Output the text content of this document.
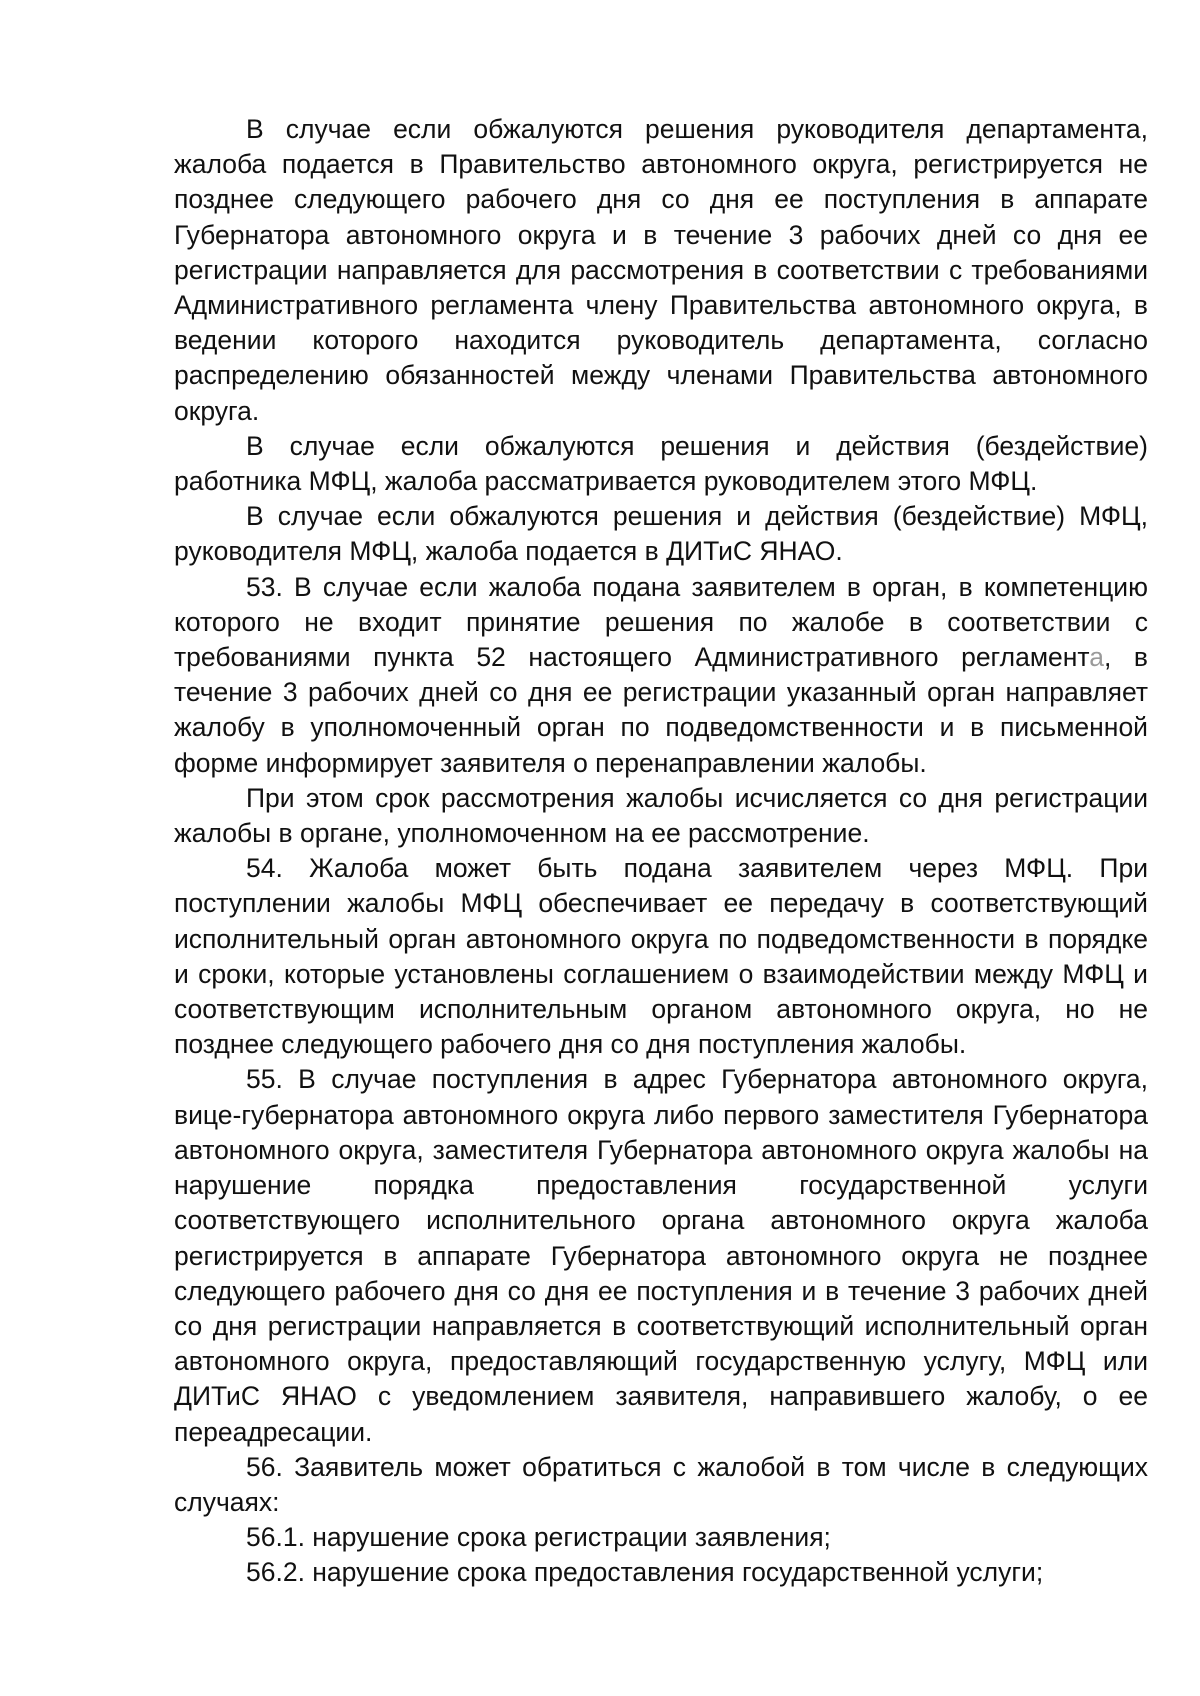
В случае если обжалуются решения руководителя департамента, жалоба подается в Правительство автономного округа, регистрируется не позднее следующего рабочего дня со дня ее поступления в аппарате Губернатора автономного округа и в течение 3 рабочих дней со дня ее регистрации направляется для рассмотрения в соответствии с требованиями Административного регламента члену Правительства автономного округа, в ведении которого находится руководитель департамента, согласно распределению обязанностей между членами Правительства автономного округа.

В случае если обжалуются решения и действия (бездействие) работника МФЦ, жалоба рассматривается руководителем этого МФЦ.

В случае если обжалуются решения и действия (бездействие) МФЦ, руководителя МФЦ, жалоба подается в ДИТиС ЯНАО.

53. В случае если жалоба подана заявителем в орган, в компетенцию которого не входит принятие решения по жалобе в соответствии с требованиями пункта 52 настоящего Административного регламента, в течение 3 рабочих дней со дня ее регистрации указанный орган направляет жалобу в уполномоченный орган по подведомственности и в письменной форме информирует заявителя о перенаправлении жалобы.

При этом срок рассмотрения жалобы исчисляется со дня регистрации жалобы в органе, уполномоченном на ее рассмотрение.

54. Жалоба может быть подана заявителем через МФЦ. При поступлении жалобы МФЦ обеспечивает ее передачу в соответствующий исполнительный орган автономного округа по подведомственности в порядке и сроки, которые установлены соглашением о взаимодействии между МФЦ и соответствующим исполнительным органом автономного округа, но не позднее следующего рабочего дня со дня поступления жалобы.

55. В случае поступления в адрес Губернатора автономного округа, вице-губернатора автономного округа либо первого заместителя Губернатора автономного округа, заместителя Губернатора автономного округа жалобы на нарушение порядка предоставления государственной услуги соответствующего исполнительного органа автономного округа жалоба регистрируется в аппарате Губернатора автономного округа не позднее следующего рабочего дня со дня ее поступления и в течение 3 рабочих дней со дня регистрации направляется в соответствующий исполнительный орган автономного округа, предоставляющий государственную услугу, МФЦ или ДИТиС ЯНАО с уведомлением заявителя, направившего жалобу, о ее переадресации.

56. Заявитель может обратиться с жалобой в том числе в следующих случаях:

56.1. нарушение срока регистрации заявления;

56.2. нарушение срока предоставления государственной услуги;
